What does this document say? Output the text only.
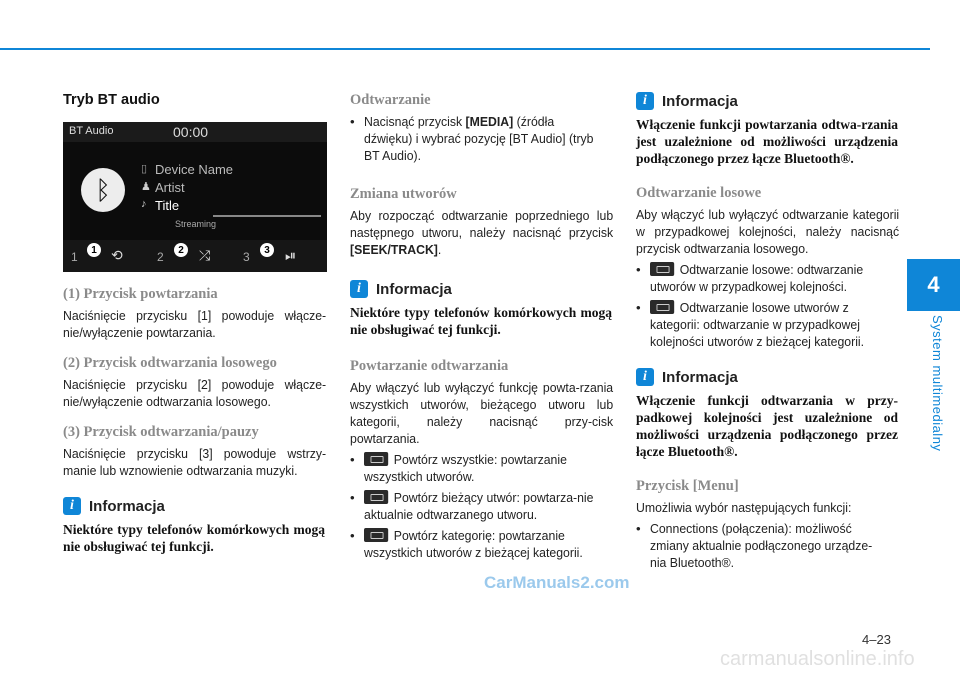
4
System multimedialny

Tryb BT audio

BT Audio	00:00
ᛒ
▯ Device Name
♟ Artist
♪ Title
Streaming
1 ⟲	2	⤮	3	⏯
1	2	3

(1) Przycisk powtarzania

Naciśnięcie przycisku [1] powoduje włącze-nie/wyłączenie powtarzania.

(2) Przycisk odtwarzania losowego

Naciśnięcie przycisku [2] powoduje włącze-nie/wyłączenie odtwarzania losowego.

(3) Przycisk odtwarzania/pauzy

Naciśnięcie przycisku [3] powoduje wstrzy-manie lub wznowienie odtwarzania muzyki.

i	Informacja

Niektóre typy telefonów komórkowych mogą nie obsługiwać tej funkcji.

Odtwarzanie

• Nacisnąć przycisk [MEDIA] (źródła dźwięku) i wybrać pozycję [BT Audio] (tryb BT Audio).

Zmiana utworów

Aby rozpocząć odtwarzanie poprzedniego lub następnego utworu, należy nacisnąć przycisk [SEEK/TRACK].

i	Informacja

Niektóre typy telefonów komórkowych mogą nie obsługiwać tej funkcji.

Powtarzanie odtwarzania

Aby włączyć lub wyłączyć funkcję powta-rzania wszystkich utworów, bieżącego utworu lub kategorii, należy nacisnąć przy-cisk powtarzania.

•	Powtórz wszystkie: powtarzanie wszystkich utworów.
•	Powtórz bieżący utwór: powtarza-nie aktualnie odtwarzanego utworu.
•	Powtórz kategorię: powtarzanie wszystkich utworów z bieżącej kategorii.
i	Informacja

Włączenie funkcji powtarzania odtwa-rzania jest uzależnione od możliwości urządzenia podłączonego przez łącze Bluetooth®.

Odtwarzanie losowe

Aby włączyć lub wyłączyć odtwarzanie kategorii w przypadkowej kolejności, należy nacisnąć przycisk odtwarzania losowego.

•	Odtwarzanie losowe: odtwarzanie utworów w przypadkowej kolejności.
•	Odtwarzanie losowe utworów z kategorii: odtwarzanie w przypadkowej kolejności utworów z bieżącej kategorii.
i	Informacja

Włączenie funkcji odtwarzania w przy-padkowej kolejności jest uzależnione od możliwości urządzenia podłączonego przez łącze Bluetooth®.

Przycisk [Menu]

Umożliwia wybór następujących funkcji:

• Connections (połączenia): możliwość zmiany aktualnie podłączonego urządze-nia Bluetooth®.
CarManuals2.com
carmanualsonline.info
4–23
